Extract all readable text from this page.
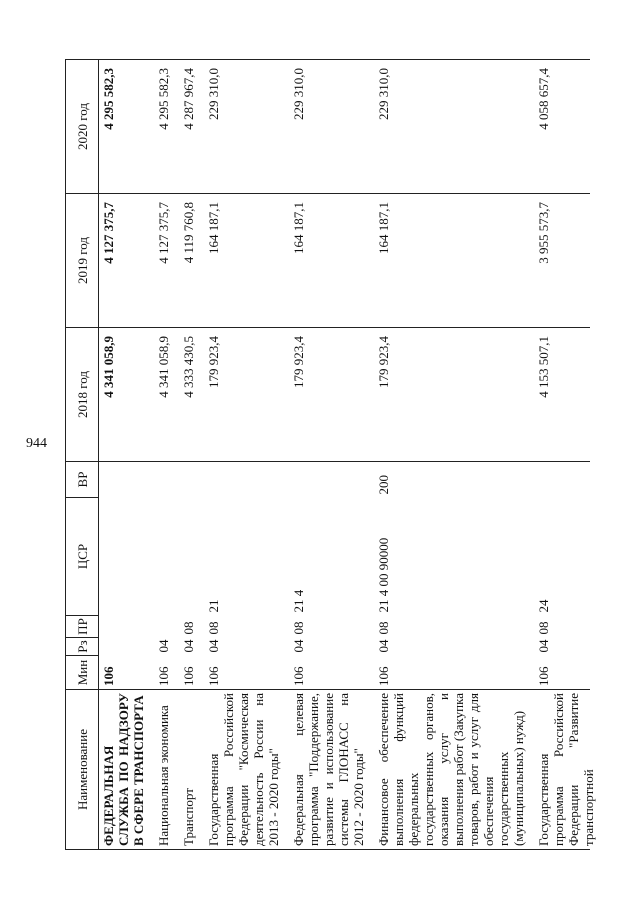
944
Наименование	Мин	Рз	ПР	ЦСР	ВР	2018 год	2019 год	2020 год
ФЕДЕРАЛЬНАЯ СЛУЖБА ПО НАДЗОРУ В СФЕРЕ ТРАНСПОРТА	106					4 341 058,9	4 127 375,7	4 295 582,3
Национальная экономика	106	04				4 341 058,9	4 127 375,7	4 295 582,3
Транспорт	106	04	08			4 333 430,5	4 119 760,8	4 287 967,4
Государственная программа Российской Федерации "Космическая деятельность России на 2013 - 2020 годы"	106	04	08	21		179 923,4	164 187,1	229 310,0
Федеральная целевая программа "Поддержание, развитие и использование системы ГЛОНАСС на 2012 - 2020 годы"	106	04	08	21 4		179 923,4	164 187,1	229 310,0
Финансовое обеспечение выполнения функций федеральных государственных органов, оказания услуг и выполнения работ (Закупка товаров, работ и услуг для обеспечения государственных (муниципальных) нужд)	106	04	08	21 4 00 90000	200	179 923,4	164 187,1	229 310,0

Государственная программа Российской Федерации "Развитие транспортной	106	04	08	24		4 153 507,1	3 955 573,7	4 058 657,4
